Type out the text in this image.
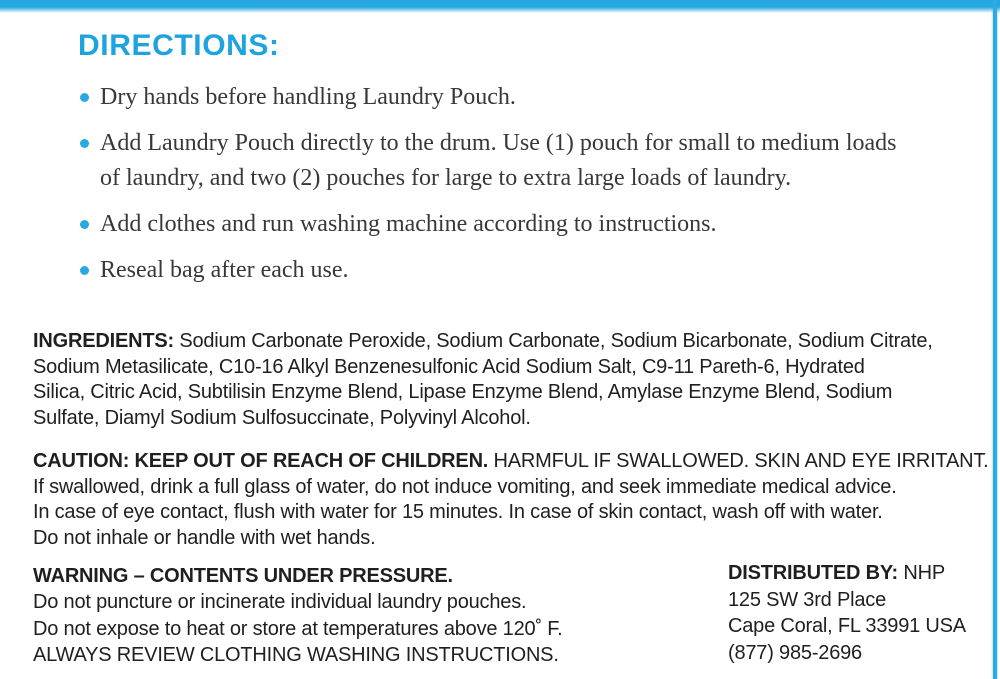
DIRECTIONS:
Dry hands before handling Laundry Pouch.
Add Laundry Pouch directly to the drum. Use (1) pouch for small to medium loads of laundry, and two (2) pouches for large to extra large loads of laundry.
Add clothes and run washing machine according to instructions.
Reseal bag after each use.
INGREDIENTS: Sodium Carbonate Peroxide, Sodium Carbonate, Sodium Bicarbonate, Sodium Citrate,
Sodium Metasilicate, C10-16 Alkyl Benzenesulfonic Acid Sodium Salt, C9-11 Pareth-6, Hydrated
Silica, Citric Acid, Subtilisin Enzyme Blend, Lipase Enzyme Blend, Amylase Enzyme Blend, Sodium
Sulfate, Diamyl Sodium Sulfosuccinate, Polyvinyl Alcohol.
CAUTION: KEEP OUT OF REACH OF CHILDREN. HARMFUL IF SWALLOWED. SKIN AND EYE IRRITANT.
If swallowed, drink a full glass of water, do not induce vomiting, and seek immediate medical advice.
In case of eye contact, flush with water for 15 minutes. In case of skin contact, wash off with water.
Do not inhale or handle with wet hands.
WARNING – CONTENTS UNDER PRESSURE.
Do not puncture or incinerate individual laundry pouches.
Do not expose to heat or store at temperatures above 120˚ F.
ALWAYS REVIEW CLOTHING WASHING INSTRUCTIONS.
DISTRIBUTED BY: NHP
125 SW 3rd Place
Cape Coral, FL 33991 USA
(877) 985-2696
